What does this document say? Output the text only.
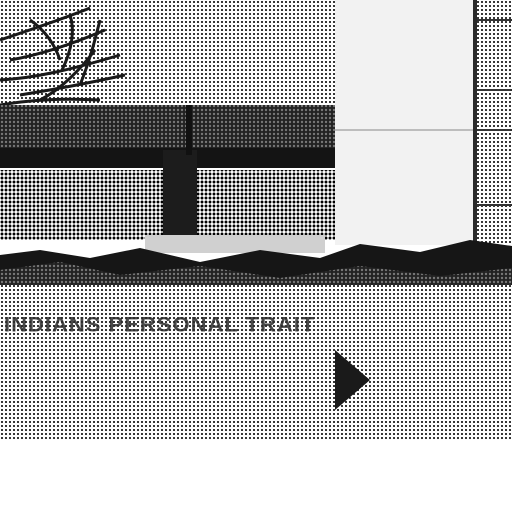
INDIANS PERSONAL TRAIT
